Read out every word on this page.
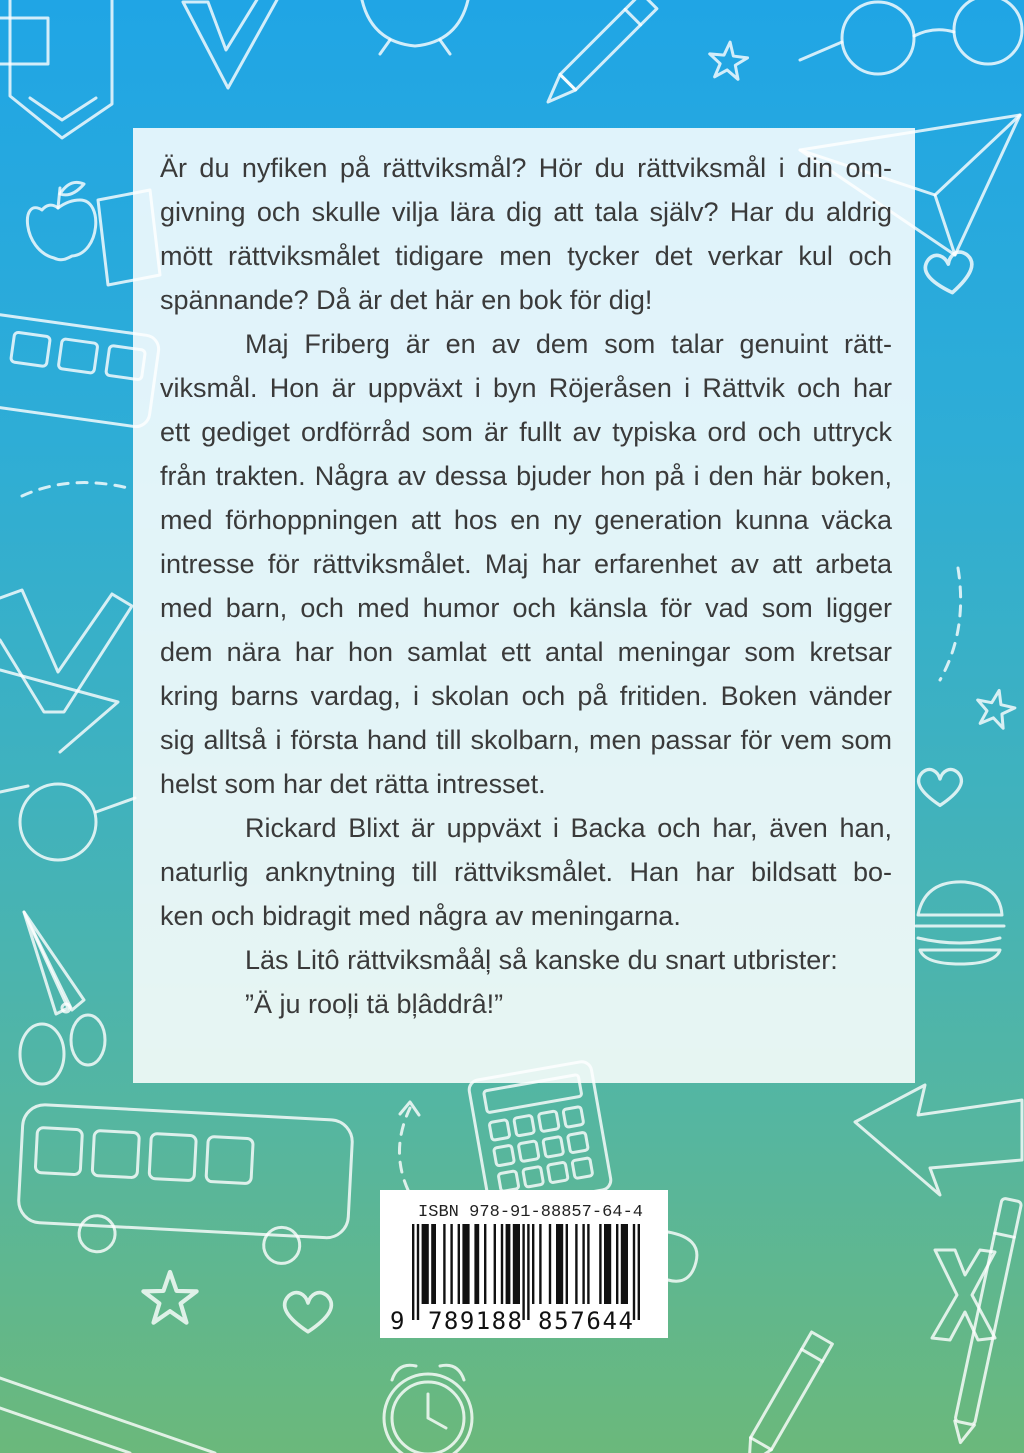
Är du nyfiken på rättviksmål? Hör du rättviksmål i din om-
givning och skulle vilja lära dig att tala själv? Har du aldrig
mött rättviksmålet tidigare men tycker det verkar kul och
spännande? Då är det här en bok för dig!
Maj Friberg är en av dem som talar genuint rätt-
viksmål. Hon är uppväxt i byn Röjeråsen i Rättvik och har
ett gediget ordförråd som är fullt av typiska ord och uttryck
från trakten. Några av dessa bjuder hon på i den här boken,
med förhoppningen att hos en ny generation kunna väcka
intresse för rättviksmålet. Maj har erfarenhet av att arbeta
med barn, och med humor och känsla för vad som ligger
dem nära har hon samlat ett antal meningar som kretsar
kring barns vardag, i skolan och på fritiden. Boken vänder
sig alltså i första hand till skolbarn, men passar för vem som
helst som har det rätta intresset.
Rickard Blixt är uppväxt i Backa och har, även han,
naturlig anknytning till rättviksmålet. Han har bildsatt bo-
ken och bidragit med några av meningarna.
Läs Litô rättviksmååļ så kanske du snart utbrister:
”Ä ju rooļi tä bļâddrâ!”
ISBN 978-91-88857-64-4
9 789188 857644
